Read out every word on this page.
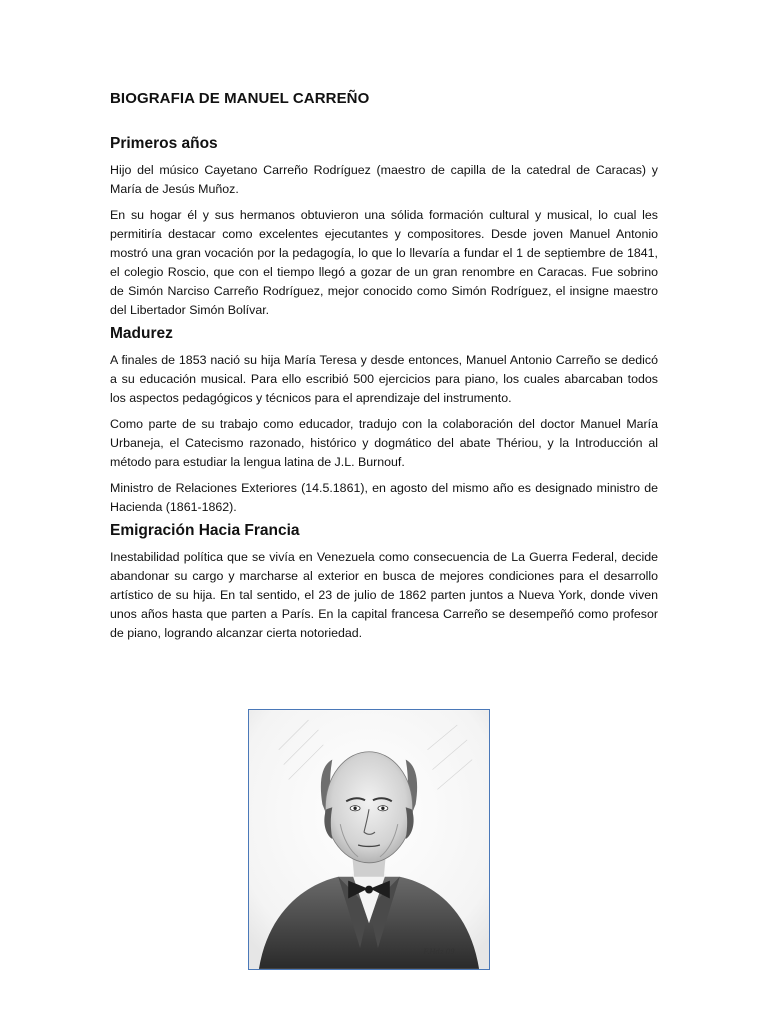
BIOGRAFIA DE MANUEL CARREÑO
Primeros años

Hijo del músico Cayetano Carreño Rodríguez (maestro de capilla de la catedral de Caracas) y María de Jesús Muñoz.

En su hogar él y sus hermanos obtuvieron una sólida formación cultural y musical, lo cual les permitiría destacar como excelentes ejecutantes y compositores. Desde joven Manuel Antonio mostró una gran vocación por la pedagogía, lo que lo llevaría a fundar el 1 de septiembre de 1841, el colegio Roscio, que con el tiempo llegó a gozar de un gran renombre en Caracas. Fue sobrino de Simón Narciso Carreño Rodríguez, mejor conocido como Simón Rodríguez, el insigne maestro del Libertador Simón Bolívar.

Madurez

A finales de 1853 nació su hija María Teresa y desde entonces, Manuel Antonio Carreño se dedicó a su educación musical. Para ello escribió 500 ejercicios para piano, los cuales abarcaban todos los aspectos pedagógicos y técnicos para el aprendizaje del instrumento.

Como parte de su trabajo como educador, tradujo con la colaboración del doctor Manuel María Urbaneja, el Catecismo razonado, histórico y dogmático del abate Thériou, y la Introducción al método para estudiar la lengua latina de J.L. Burnouf.

Ministro de Relaciones Exteriores (14.5.1861), en agosto del mismo año es designado ministro de Hacienda (1861-1862).

Emigración Hacia Francia

Inestabilidad política que se vivía en Venezuela como consecuencia de La Guerra Federal, decide abandonar su cargo y marcharse al exterior en busca de mejores condiciones para el desarrollo artístico de su hija. En tal sentido, el 23 de julio de 1862 parten juntos a Nueva York, donde viven unos años hasta que parten a París. En la capital francesa Carreño se desempeñó como profesor de piano, logrando alcanzar cierta notoriedad.

F.Hdz 09
